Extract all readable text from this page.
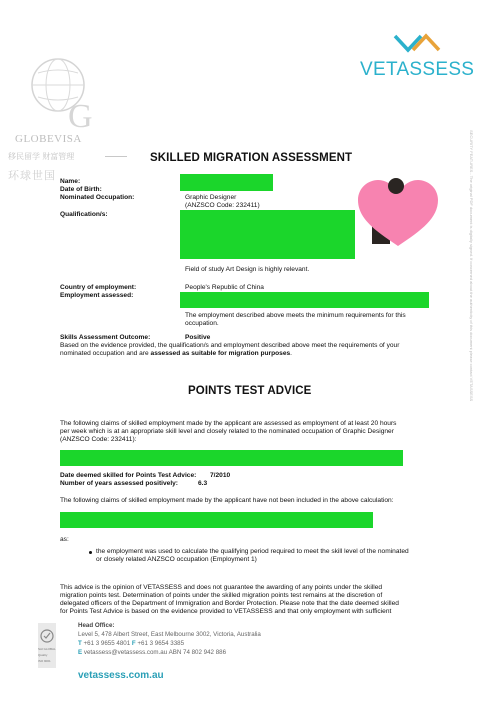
G
GLOBEVISA
移民留学 财富管理
环球世国
VETASSESS
SECURITY FEATURES - The original PDF document is digitally signed. If concerned about the authenticity of this document please contact VETASSESS
SKILLED MIGRATION ASSESSMENT
Name:
Date of Birth:
Nominated Occupation:	Graphic Designer
(ANZSCO Code: 232411)
Qualification/s:
Field of study Art Design is highly relevant.
Country of employment:	People's Republic of China
Employment assessed:
The employment described above meets the minimum requirements for this
occupation.
Skills Assessment Outcome:	Positive
Based on the evidence provided, the qualification/s and employment described above meet the requirements of your
nominated occupation and are assessed as suitable for migration purposes.
POINTS TEST ADVICE
The following claims of skilled employment made by the applicant are assessed as employment of at least 20 hours
per week which is at an appropriate skill level and closely related to the nominated occupation of Graphic Designer
(ANZSCO Code: 232411):
Date deemed skilled for Points Test Advice: 7/2010
Number of years assessed positively:	6.3
The following claims of skilled employment made by the applicant have not been included in the above calculation:
as:
the employment was used to calculate the qualifying period required to meet the skill level of the nominated
or closely related ANZSCO occupation (Employment 1)
This advice is the opinion of VETASSESS and does not guarantee the awarding of any points under the skilled
migration points test. Determination of points under the skilled migration points test remains at the discretion of
delegated officers of the Department of Immigration and Border Protection. Please note that the date deemed skilled
for Points Test Advice is based on the evidence provided to VETASSESS and that only employment with sufficient
SAI GLOBAL
Quality
ISO 9001
Head Office:
Level 5, 478 Albert Street, East Melbourne 3002, Victoria, Australia
T +61 3 9655 4801 F +61 3 9654 3385
E vetassess@vetassess.com.au ABN 74 802 942 886
vetassess.com.au
